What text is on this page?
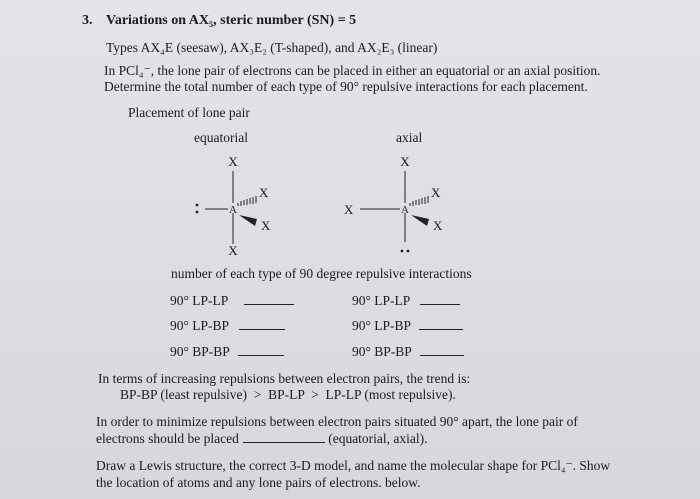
3. Variations on AX₅, steric number (SN) = 5
Types AX₄E (seesaw), AX₃E₂ (T-shaped), and AX₂E₃ (linear)
In PCl₄⁻, the lone pair of electrons can be placed in either an equatorial or an axial position.
Determine the total number of each type of 90° repulsive interactions for each placement.
Placement of lone pair
equatorial	axial
X
X
A
X
X
X
A
X
X
X
number of each type of 90 degree repulsive interactions
90° LP-LP
90° LP-BP
90° BP-BP
90° LP-LP
90° LP-BP
90° BP-BP
In terms of increasing repulsions between electron pairs, the trend is:
BP-BP (least repulsive)  >  BP-LP  >  LP-LP (most repulsive).
In order to minimize repulsions between electron pairs situated 90° apart, the lone pair of
electrons should be placed	(equatorial, axial).
Draw a Lewis structure, the correct 3-D model, and name the molecular shape for PCl₄⁻. Show
the location of atoms and any lone pairs of electrons. below.
